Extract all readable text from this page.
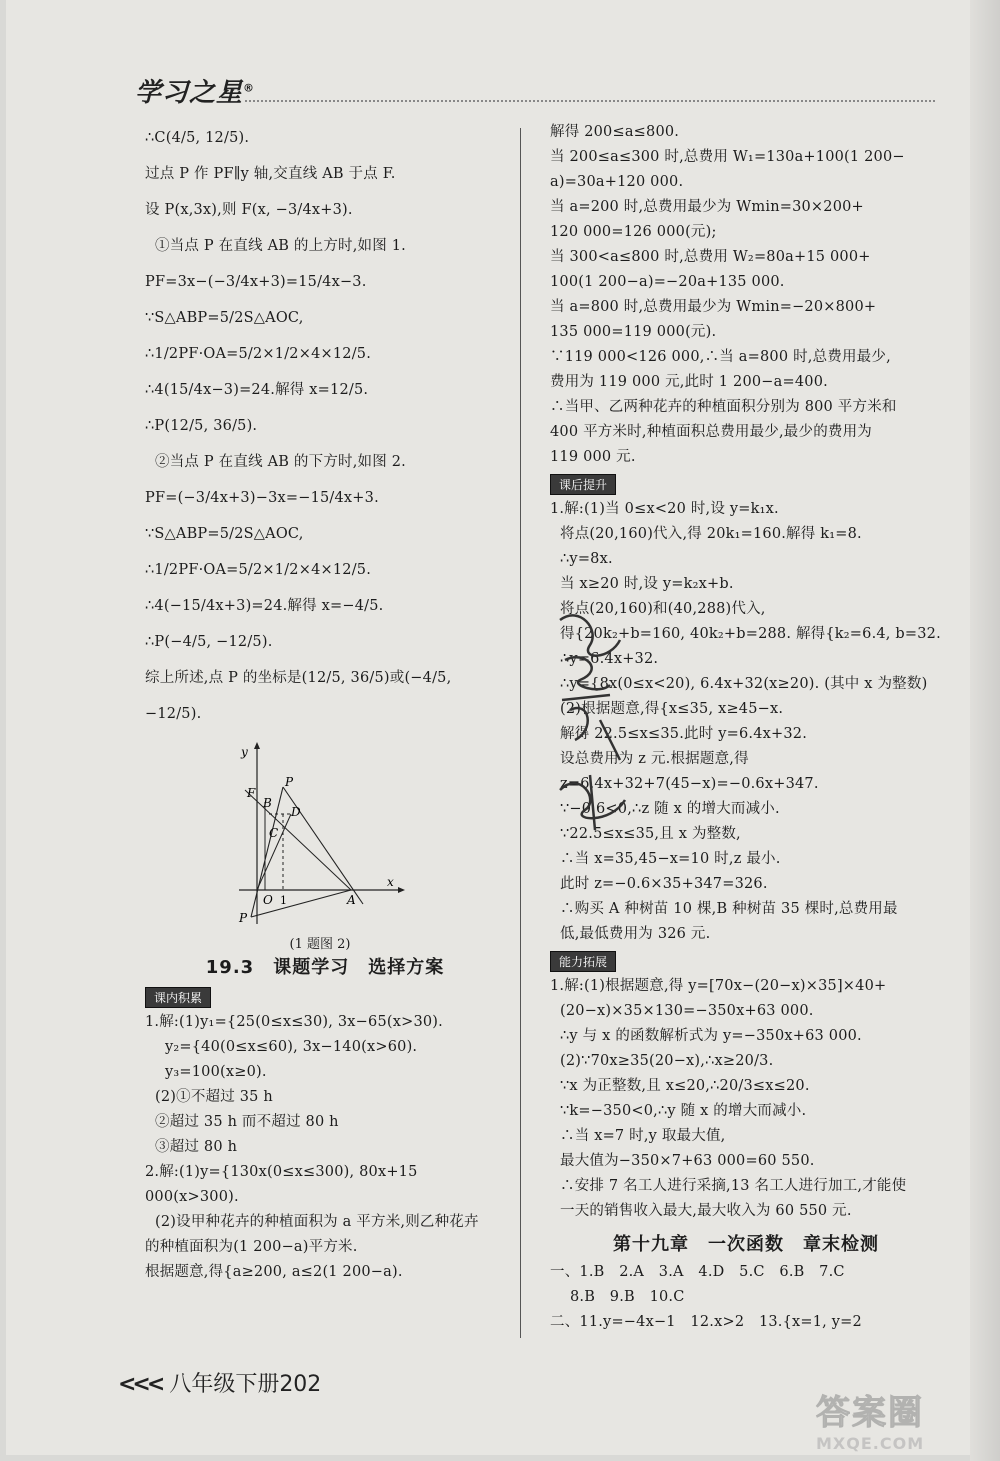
学习之星®
∴C(4/5, 12/5).
过点 P 作 PF∥y 轴,交直线 AB 于点 F.
设 P(x,3x),则 F(x, −3/4x+3).
①当点 P 在直线 AB 的上方时,如图 1.
PF=3x−(−3/4x+3)=15/4x−3.
∵S△ABP=5/2S△AOC,
∴1/2PF·OA=5/2×1/2×4×12/5.
∴4(15/4x−3)=24.解得 x=12/5.
∴P(12/5, 36/5).
②当点 P 在直线 AB 的下方时,如图 2.
PF=(−3/4x+3)−3x=−15/4x+3.
∵S△ABP=5/2S△AOC,
∴1/2PF·OA=5/2×1/2×4×12/5.
∴4(−15/4x+3)=24.解得 x=−4/5.
∴P(−4/5, −12/5).
综上所述,点 P 的坐标是(12/5, 36/5)或(−4/5, −12/5).
y
x
P
F
B
D
C
O 1	A
P
(1 题图 2)
19.3　课题学习　选择方案
课内积累
1.解:(1)y₁={25(0≤x≤30), 3x−65(x>30).
y₂={40(0≤x≤60), 3x−140(x>60).
y₃=100(x≥0).
(2)①不超过 35 h
②超过 35 h 而不超过 80 h
③超过 80 h
2.解:(1)y={130x(0≤x≤300), 80x+15 000(x>300).
(2)设甲种花卉的种植面积为 a 平方米,则乙种花卉
的种植面积为(1 200−a)平方米.
根据题意,得{a≥200, a≤2(1 200−a).
解得 200≤a≤800.
当 200≤a≤300 时,总费用 W₁=130a+100(1 200−
a)=30a+120 000.
当 a=200 时,总费用最少为 Wmin=30×200+
120 000=126 000(元);
当 300<a≤800 时,总费用 W₂=80a+15 000+
100(1 200−a)=−20a+135 000.
当 a=800 时,总费用最少为 Wmin=−20×800+
135 000=119 000(元).
∵119 000<126 000,∴当 a=800 时,总费用最少,
费用为 119 000 元,此时 1 200−a=400.
∴当甲、乙两种花卉的种植面积分别为 800 平方米和
400 平方米时,种植面积总费用最少,最少的费用为
119 000 元.
课后提升
1.解:(1)当 0≤x<20 时,设 y=k₁x.
将点(20,160)代入,得 20k₁=160.解得 k₁=8.
∴y=8x.
当 x≥20 时,设 y=k₂x+b.
将点(20,160)和(40,288)代入,
得{20k₂+b=160, 40k₂+b=288. 解得{k₂=6.4, b=32.
∴y=6.4x+32.
∴y={8x(0≤x<20), 6.4x+32(x≥20). (其中 x 为整数)
(2)根据题意,得{x≤35, x≥45−x.
解得 22.5≤x≤35.此时 y=6.4x+32.
设总费用为 z 元.根据题意,得
z=6.4x+32+7(45−x)=−0.6x+347.
∵−0.6<0,∴z 随 x 的增大而减小.
∵22.5≤x≤35,且 x 为整数,
∴当 x=35,45−x=10 时,z 最小.
此时 z=−0.6×35+347=326.
∴购买 A 种树苗 10 棵,B 种树苗 35 棵时,总费用最
低,最低费用为 326 元.
能力拓展
1.解:(1)根据题意,得 y=[70x−(20−x)×35]×40+
(20−x)×35×130=−350x+63 000.
∴y 与 x 的函数解析式为 y=−350x+63 000.
(2)∵70x≥35(20−x),∴x≥20/3.
∵x 为正整数,且 x≤20,∴20/3≤x≤20.
∵k=−350<0,∴y 随 x 的增大而减小.
∴当 x=7 时,y 取最大值,
最大值为−350×7+63 000=60 550.
∴安排 7 名工人进行采摘,13 名工人进行加工,才能使
一天的销售收入最大,最大收入为 60 550 元.
第十九章　一次函数　章末检测
一、1.B　2.A　3.A　4.D　5.C　6.B　7.C
8.B　9.B　10.C
二、11.y=−4x−1　12.x>2　13.{x=1, y=2
<<< 八年级下册202
答案圈
MXQE.COM
